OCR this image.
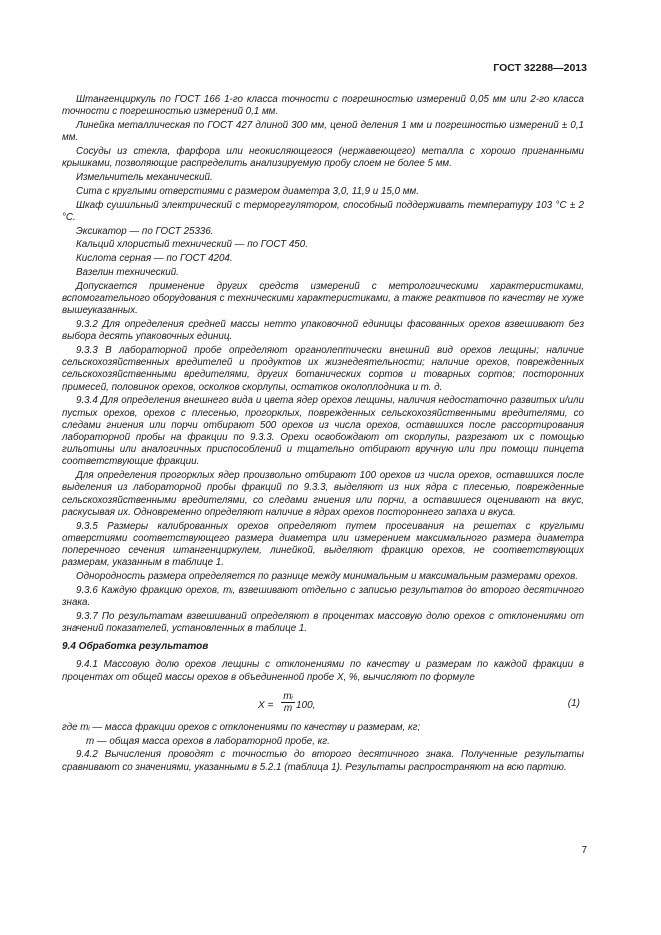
ГОСТ 32288—2013

Штангенциркуль по ГОСТ 166 1-го класса точности с погрешностью измерений 0,05 мм или 2-го класса точности с погрешностью измерений 0,1 мм.

Линейка металлическая по ГОСТ 427 длиной 300 мм, ценой деления 1 мм и погрешностью измерений ± 0,1 мм.

Сосуды из стекла, фарфора или неокисляющегося (нержавеющего) металла с хорошо пригнанными крышками, позволяющие распределить анализируемую пробу слоем не более 5 мм.

Измельчитель механический.

Сита с круглыми отверстиями с размером диаметра 3,0, 11,9 и 15,0 мм.

Шкаф сушильный электрический с терморегулятором, способный поддерживать температуру 103 °С ± 2 °С.

Эксикатор — по ГОСТ 25336.

Кальций хлористый технический — по ГОСТ 450.

Кислота серная — по ГОСТ 4204.

Вазелин технический.

Допускается применение других средств измерений с метрологическими характеристиками, вспомогательного оборудования с техническими характеристиками, а также реактивов по качеству не хуже вышеуказанных.

9.3.2 Для определения средней массы нетто упаковочной единицы фасованных орехов взвешивают без выбора десять упаковочных единиц.

9.3.3 В лабораторной пробе определяют органолептически внешний вид орехов лещины; наличие сельскохозяйственных вредителей и продуктов их жизнедеятельности; наличие орехов, поврежденных сельскохозяйственными вредителями, других ботанических сортов и товарных сортов; посторонних примесей, половинок орехов, осколков скорлупы, остатков околоплодника и т. д.

9.3.4 Для определения внешнего вида и цвета ядер орехов лещины, наличия недостаточно развитых и/или пустых орехов, орехов с плесенью, прогорклых, поврежденных сельскохозяйственными вредителями, со следами гниения или порчи отбирают 500 орехов из числа орехов, оставшихся после рассортирования лабораторной пробы на фракции по 9.3.3. Орехи освобождают от скорлупы, разрезают их с помощью гильотины или аналогичных приспособлений и тщательно отбирают вручную или при помощи пинцета соответствующие фракции.

Для определения прогорклых ядер произвольно отбирают 100 орехов из числа орехов, оставшихся после выделения из лабораторной пробы фракций по 9.3.3, выделяют из них ядра с плесенью, поврежденные сельскохозяйственными вредителями, со следами гниения или порчи, а оставшиеся оценивают на вкус, раскусывая их. Одновременно определяют наличие в ядрах орехов постороннего запаха и вкуса.

9.3.5 Размеры калиброванных орехов определяют путем просеивания на решетах с круглыми отверстиями соответствующего размера диаметра или измерением максимального размера диаметра поперечного сечения штангенциркулем, линейкой, выделяют фракцию орехов, не соответствующих размерам, указанным в таблице 1.

Однородность размера определяется по разнице между минимальным и максимальным размерами орехов.

9.3.6 Каждую фракцию орехов, mᵢ, взвешивают отдельно с записью результатов до второго десятичного знака.

9.3.7 По результатам взвешиваний определяют в процентах массовую долю орехов с отклонениями от значений показателей, установленных в таблице 1.

9.4 Обработка результатов

9.4.1 Массовую долю орехов лещины с отклонениями по качеству и размерам по каждой фракции в процентах от общей массы орехов в объединенной пробе X, %, вычисляют по формуле

$X = \frac{\text{mᵢ}}{m} 100$,	(1)

где mᵢ — масса фракции орехов с отклонениями по качеству и размерам, кг;

m — общая масса орехов в лабораторной пробе, кг.

9.4.2 Вычисления проводят с точностью до второго десятичного знака. Полученные результаты сравнивают со значениями, указанными в 5.2.1 (таблица 1). Результаты распространяют на всю партию.

7
